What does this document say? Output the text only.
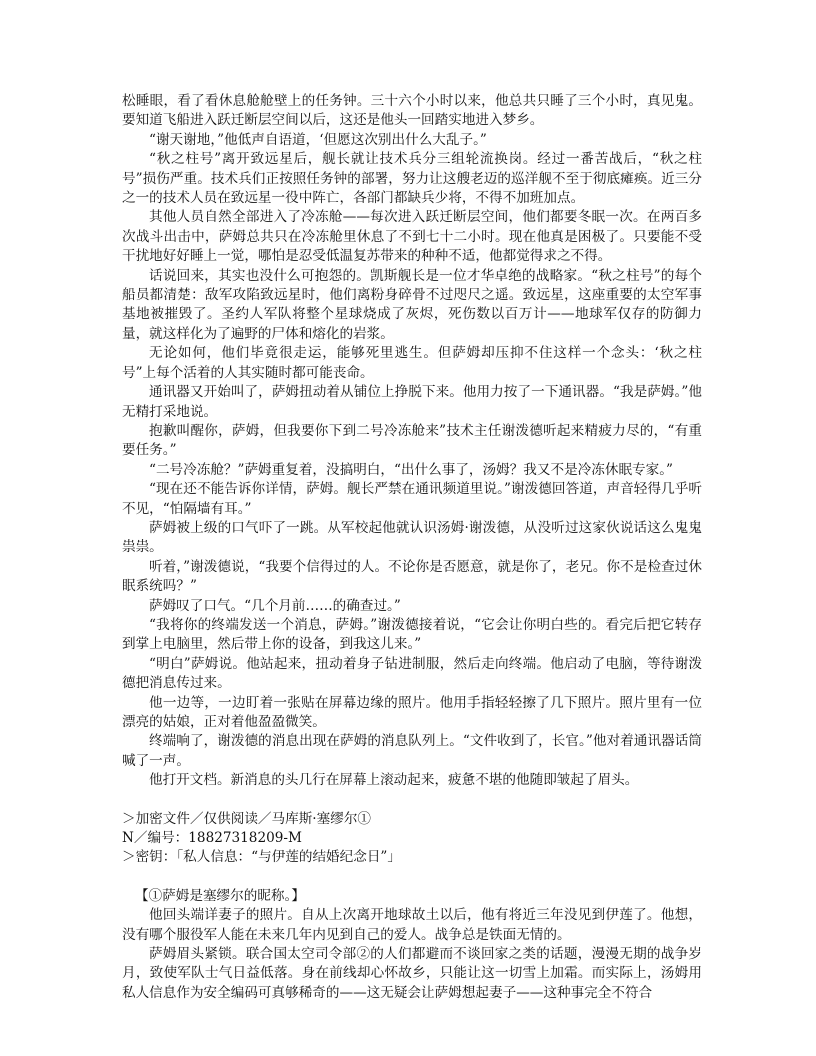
松睡眼，看了看休息舱舱壁上的任务钟。三十六个小时以来，他总共只睡了三个小时，真见鬼。要知道飞船进入跃迁断层空间以后，这还是他头一回踏实地进入梦乡。

“谢天谢地，”他低声自语道，‘但愿这次别出什么大乱子。”

“秋之柱号”离开致远星后，舰长就让技术兵分三组轮流换岗。经过一番苦战后，“秋之柱号”损伤严重。技术兵们正按照任务钟的部署，努力让这艘老迈的巡洋舰不至于彻底瘫痪。近三分之一的技术人员在致远星一役中阵亡，各部门都缺兵少将，不得不加班加点。

其他人员自然全部进入了冷冻舱——每次进入跃迁断层空间，他们都要冬眠一次。在两百多次战斗出击中，萨姆总共只在冷冻舱里休息了不到七十二小时。现在他真是困极了。只要能不受干扰地好好睡上一觉，哪怕是忍受低温复苏带来的种种不适，他都觉得求之不得。

话说回来，其实也没什么可抱怨的。凯斯舰长是一位才华卓绝的战略家。“秋之柱号”的每个船员都清楚：敌军攻陷致远星时，他们离粉身碎骨不过咫尺之遥。致远星，这座重要的太空军事基地被摧毁了。圣约人军队将整个星球烧成了灰烬，死伤数以百万计——地球军仅存的防御力量，就这样化为了遍野的尸体和熔化的岩浆。

无论如何，他们毕竟很走运，能够死里逃生。但萨姆却压抑不住这样一个念头：‘秋之柱号”上每个活着的人其实随时都可能丧命。

通讯器又开始叫了，萨姆扭动着从铺位上挣脱下来。他用力按了一下通讯器。“我是萨姆。”他无精打采地说。

抱歉叫醒你，萨姆，但我要你下到二号冷冻舱来”技术主任谢泼德听起来精疲力尽的，“有重要任务。”

“二号冷冻舱？”萨姆重复着，没搞明白，“出什么事了，汤姆？我又不是冷冻休眠专家。”

“现在还不能告诉你详情，萨姆。舰长严禁在通讯频道里说。”谢泼德回答道，声音轻得几乎听不见，“怕隔墙有耳。”

萨姆被上级的口气吓了一跳。从军校起他就认识汤姆·谢泼德，从没听过这家伙说话这么鬼鬼祟祟。

听着，”谢泼德说，“我要个信得过的人。不论你是否愿意，就是你了，老兄。你不是检查过休眠系统吗？”

萨姆叹了口气。“几个月前……的确查过。”

“我将你的终端发送一个消息，萨姆。”谢泼德接着说，“它会让你明白些的。看完后把它转存到掌上电脑里，然后带上你的设备，到我这儿来。”

“明白”萨姆说。他站起来，扭动着身子钻进制服，然后走向终端。他启动了电脑，等待谢泼德把消息传过来。

他一边等，一边盯着一张贴在屏幕边缘的照片。他用手指轻轻擦了几下照片。照片里有一位漂亮的姑娘，正对着他盈盈微笑。

终端响了，谢泼德的消息出现在萨姆的消息队列上。“文件收到了，长官。”他对着通讯器话筒喊了一声。

他打开文档。新消息的头几行在屏幕上滚动起来，疲惫不堪的他随即皱起了眉头。

＞加密文件／仅供阅读／马库斯·塞缪尔①

N／编号：18827318209-M

＞密钥：「私人信息：“与伊莲的结婚纪念日”」

【①萨姆是塞缪尔的昵称。】

他回头端详妻子的照片。自从上次离开地球故土以后，他有将近三年没见到伊莲了。他想，没有哪个服役军人能在未来几年内见到自己的爱人。战争总是铁面无情的。

萨姆眉头紧锁。联合国太空司令部②的人们都避而不谈回家之类的话题，漫漫无期的战争岁月，致使军队士气日益低落。身在前线却心怀故乡，只能让这一切雪上加霜。而实际上，汤姆用私人信息作为安全编码可真够稀奇的——这无疑会让萨姆想起妻子——这种事完全不符合
